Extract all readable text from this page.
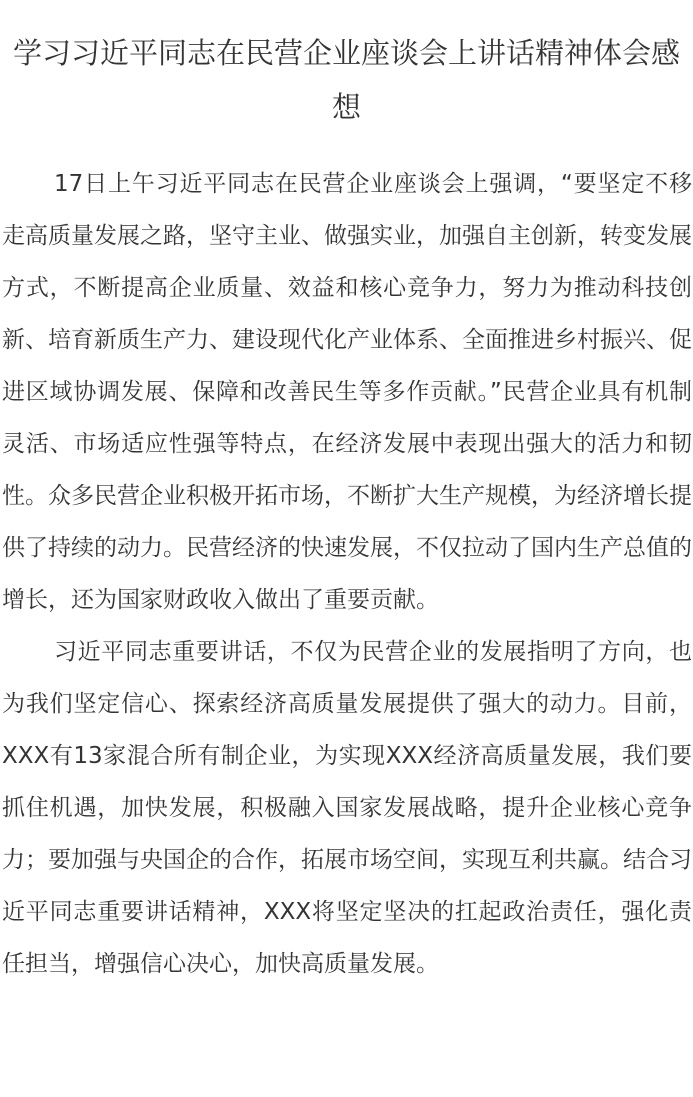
学习习近平同志在民营企业座谈会上讲话精神体会感想

17日上午习近平同志在民营企业座谈会上强调，“要坚定不移走高质量发展之路，坚守主业、做强实业，加强自主创新，转变发展方式，不断提高企业质量、效益和核心竞争力，努力为推动科技创新、培育新质生产力、建设现代化产业体系、全面推进乡村振兴、促进区域协调发展、保障和改善民生等多作贡献。”民营企业具有机制灵活、市场适应性强等特点，在经济发展中表现出强大的活力和韧性。众多民营企业积极开拓市场，不断扩大生产规模，为经济增长提供了持续的动力。民营经济的快速发展，不仅拉动了国内生产总值的增长，还为国家财政收入做出了重要贡献。

习近平同志重要讲话，不仅为民营企业的发展指明了方向，也为我们坚定信心、探索经济高质量发展提供了强大的动力。目前，XXX有13家混合所有制企业，为实现XXX经济高质量发展，我们要抓住机遇，加快发展，积极融入国家发展战略，提升企业核心竞争力；要加强与央国企的合作，拓展市场空间，实现互利共赢。结合习近平同志重要讲话精神，XXX将坚定坚决的扛起政治责任，强化责任担当，增强信心决心，加快高质量发展。
